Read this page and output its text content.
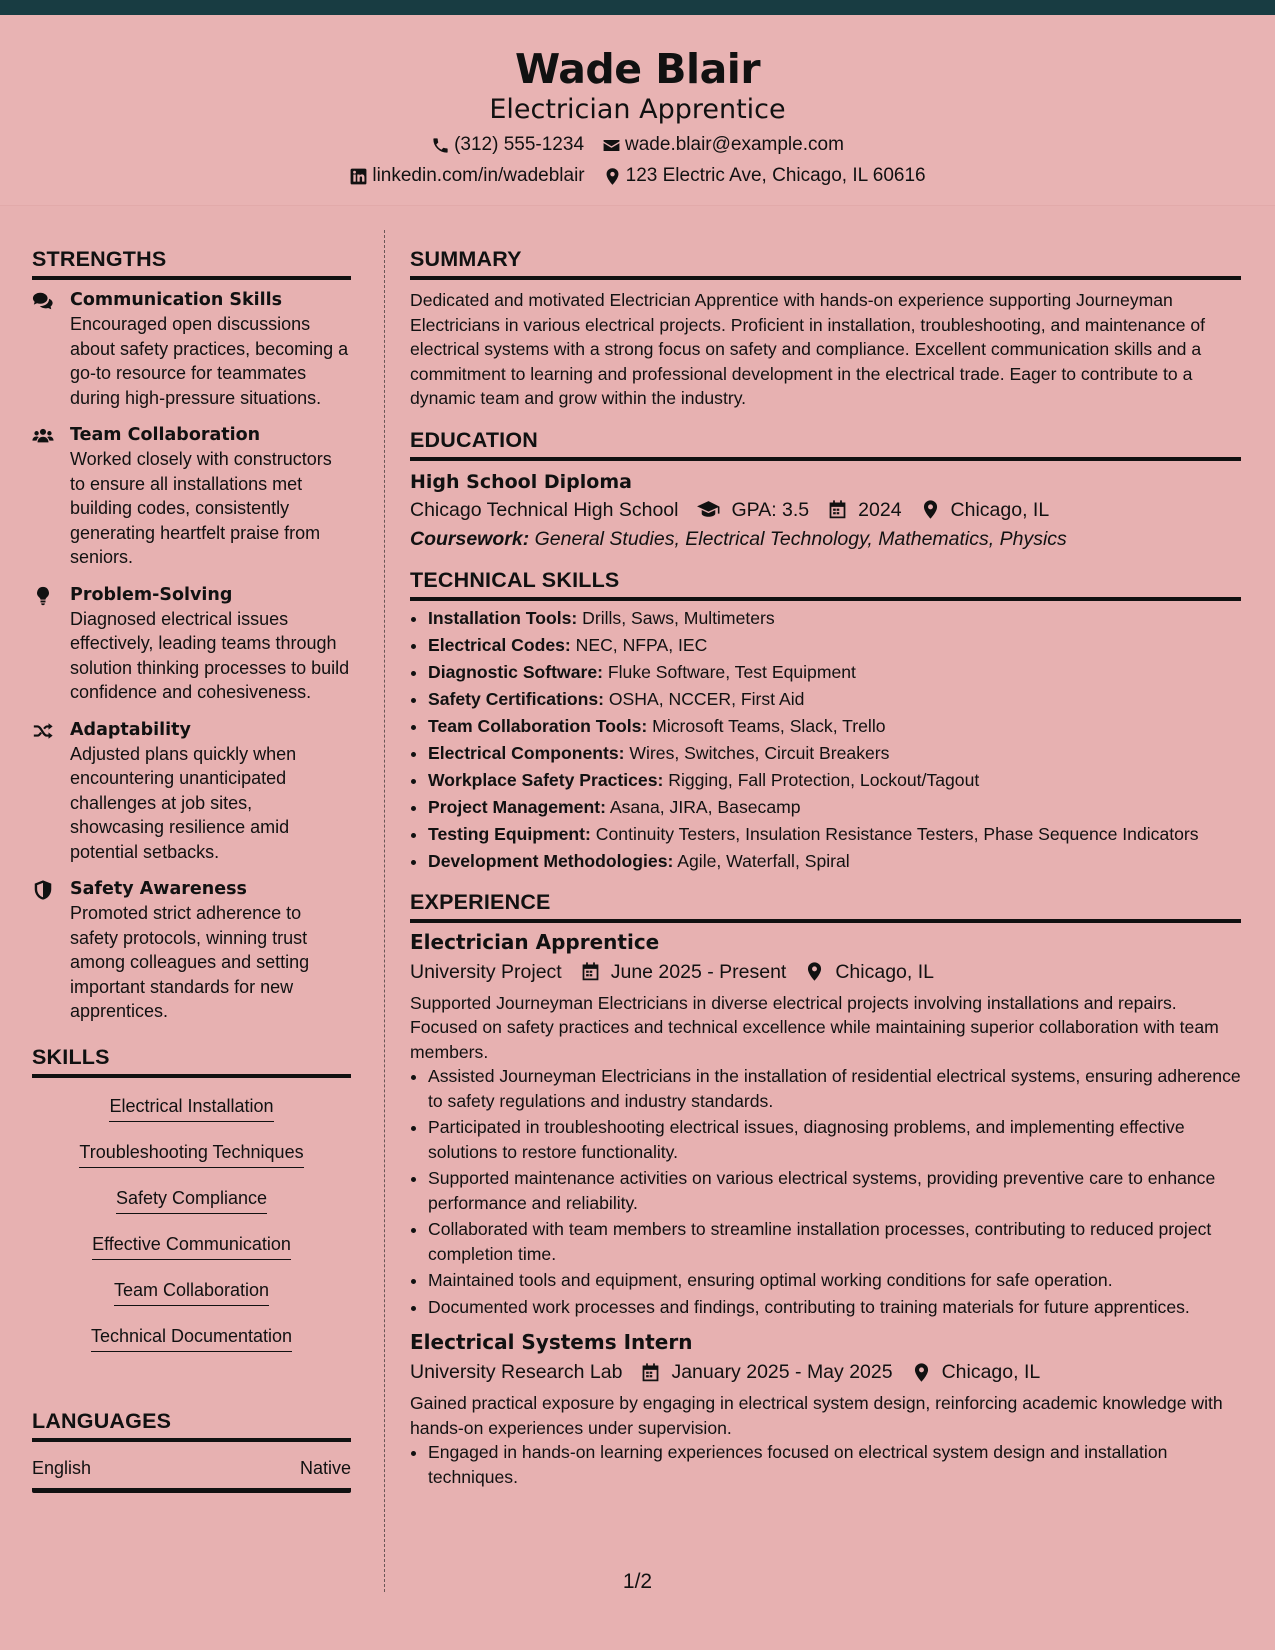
Wade Blair
Electrician Apprentice
(312) 555-1234 wade.blair@example.com
linkedin.com/in/wadeblair 123 Electric Ave, Chicago, IL 60616
STRENGTHS
Communication Skills
Encouraged open discussions about safety practices, becoming a go-to resource for teammates during high-pressure situations.
Team Collaboration
Worked closely with constructors to ensure all installations met building codes, consistently generating heartfelt praise from seniors.
Problem-Solving
Diagnosed electrical issues effectively, leading teams through solution thinking processes to build confidence and cohesiveness.
Adaptability
Adjusted plans quickly when encountering unanticipated challenges at job sites, showcasing resilience amid potential setbacks.
Safety Awareness
Promoted strict adherence to safety protocols, winning trust among colleagues and setting important standards for new apprentices.
SKILLS
Electrical Installation
Troubleshooting Techniques
Safety Compliance
Effective Communication
Team Collaboration
Technical Documentation
LANGUAGES
English	Native
SUMMARY
Dedicated and motivated Electrician Apprentice with hands-on experience supporting Journeyman Electricians in various electrical projects. Proficient in installation, troubleshooting, and maintenance of electrical systems with a strong focus on safety and compliance. Excellent communication skills and a commitment to learning and professional development in the electrical trade. Eager to contribute to a dynamic team and grow within the industry.
EDUCATION
High School Diploma
Chicago Technical High School	GPA: 3.5	2024	Chicago, IL
Coursework: General Studies, Electrical Technology, Mathematics, Physics
TECHNICAL SKILLS
• Installation Tools: Drills, Saws, Multimeters
• Electrical Codes: NEC, NFPA, IEC
• Diagnostic Software: Fluke Software, Test Equipment
• Safety Certifications: OSHA, NCCER, First Aid
• Team Collaboration Tools: Microsoft Teams, Slack, Trello
• Electrical Components: Wires, Switches, Circuit Breakers
• Workplace Safety Practices: Rigging, Fall Protection, Lockout/Tagout
• Project Management: Asana, JIRA, Basecamp
• Testing Equipment: Continuity Testers, Insulation Resistance Testers, Phase Sequence Indicators
• Development Methodologies: Agile, Waterfall, Spiral
EXPERIENCE
Electrician Apprentice
University Project	June 2025 - Present	Chicago, IL
Supported Journeyman Electricians in diverse electrical projects involving installations and repairs. Focused on safety practices and technical excellence while maintaining superior collaboration with team members.
• Assisted Journeyman Electricians in the installation of residential electrical systems, ensuring adherence to safety regulations and industry standards.
• Participated in troubleshooting electrical issues, diagnosing problems, and implementing effective solutions to restore functionality.
• Supported maintenance activities on various electrical systems, providing preventive care to enhance performance and reliability.
• Collaborated with team members to streamline installation processes, contributing to reduced project completion time.
• Maintained tools and equipment, ensuring optimal working conditions for safe operation.
• Documented work processes and findings, contributing to training materials for future apprentices.
Electrical Systems Intern
University Research Lab	January 2025 - May 2025	Chicago, IL
Gained practical exposure by engaging in electrical system design, reinforcing academic knowledge with hands-on experiences under supervision.
• Engaged in hands-on learning experiences focused on electrical system design and installation techniques.
1/2
